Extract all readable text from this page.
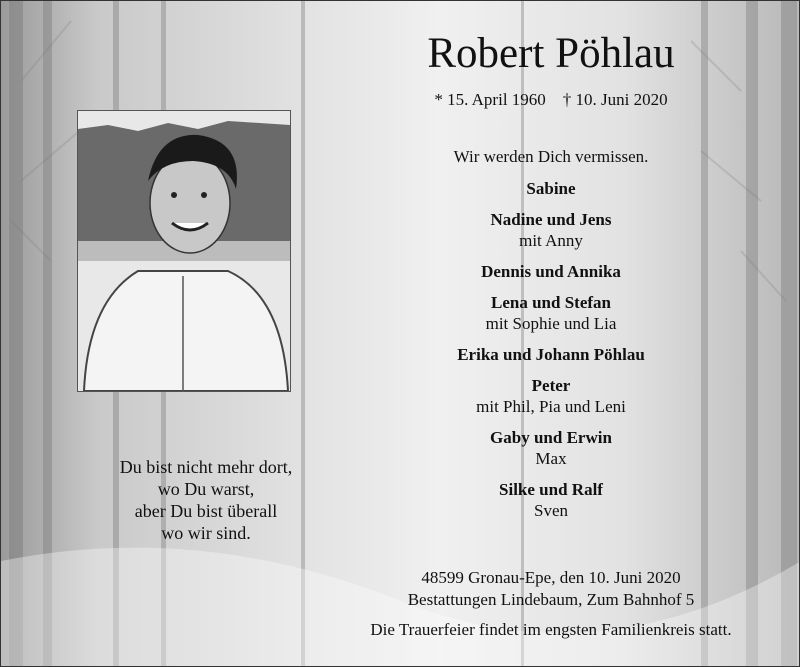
Robert Pöhlau
* 15. April 1960 † 10. Juni 2020
Du bist nicht mehr dort,
wo Du warst,
aber Du bist überall
wo wir sind.
Wir werden Dich vermissen.
Sabine
Nadine und Jens
mit Anny
Dennis und Annika
Lena und Stefan
mit Sophie und Lia
Erika und Johann Pöhlau
Peter
mit Phil, Pia und Leni
Gaby und Erwin
Max
Silke und Ralf
Sven
48599 Gronau-Epe, den 10. Juni 2020
Bestattungen Lindebaum, Zum Bahnhof 5
Die Trauerfeier findet im engsten Familienkreis statt.
